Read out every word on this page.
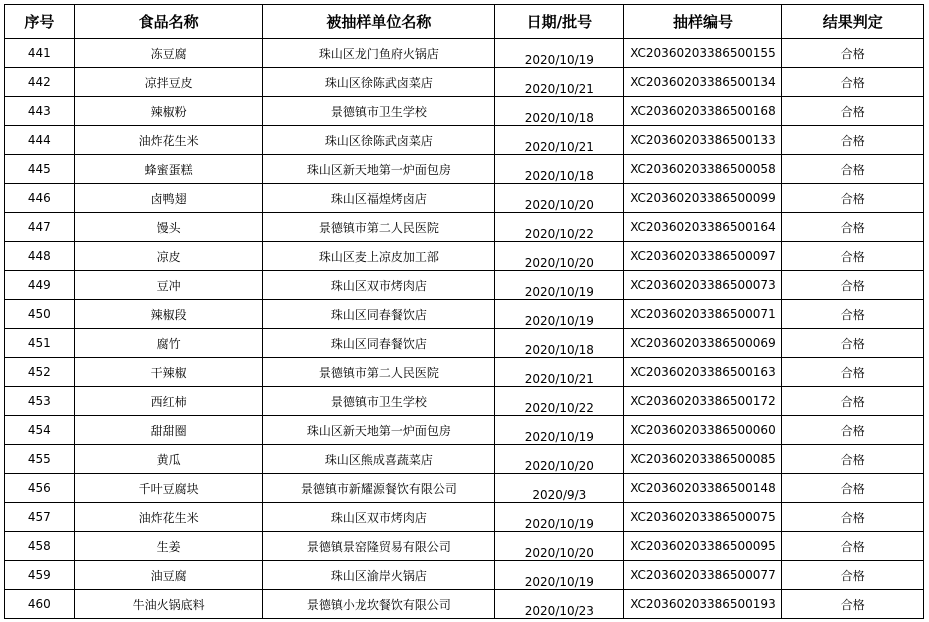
序号	食品名称	被抽样单位名称	日期/批号	抽样编号	结果判定
441	冻豆腐	珠山区龙门鱼府火锅店	2020/10/19	XC20360203386500155	合格
442	凉拌豆皮	珠山区徐陈武卤菜店	2020/10/21	XC20360203386500134	合格
443	辣椒粉	景德镇市卫生学校	2020/10/18	XC20360203386500168	合格
444	油炸花生米	珠山区徐陈武卤菜店	2020/10/21	XC20360203386500133	合格
445	蜂蜜蛋糕	珠山区新天地第一炉面包房	2020/10/18	XC20360203386500058	合格
446	卤鸭翅	珠山区福煌烤卤店	2020/10/20	XC20360203386500099	合格
447	馒头	景德镇市第二人民医院	2020/10/22	XC20360203386500164	合格
448	凉皮	珠山区麦上凉皮加工部	2020/10/20	XC20360203386500097	合格
449	豆冲	珠山区双市烤肉店	2020/10/19	XC20360203386500073	合格
450	辣椒段	珠山区同春餐饮店	2020/10/19	XC20360203386500071	合格
451	腐竹	珠山区同春餐饮店	2020/10/18	XC20360203386500069	合格
452	干辣椒	景德镇市第二人民医院	2020/10/21	XC20360203386500163	合格
453	西红柿	景德镇市卫生学校	2020/10/22	XC20360203386500172	合格
454	甜甜圈	珠山区新天地第一炉面包房	2020/10/19	XC20360203386500060	合格
455	黄瓜	珠山区熊成喜蔬菜店	2020/10/20	XC20360203386500085	合格
456	千叶豆腐块	景德镇市新耀源餐饮有限公司	2020/9/3	XC20360203386500148	合格
457	油炸花生米	珠山区双市烤肉店	2020/10/19	XC20360203386500075	合格
458	生姜	景德镇景窑隆贸易有限公司	2020/10/20	XC20360203386500095	合格
459	油豆腐	珠山区渝岸火锅店	2020/10/19	XC20360203386500077	合格
460	牛油火锅底料	景德镇小龙坎餐饮有限公司	2020/10/23	XC20360203386500193	合格
